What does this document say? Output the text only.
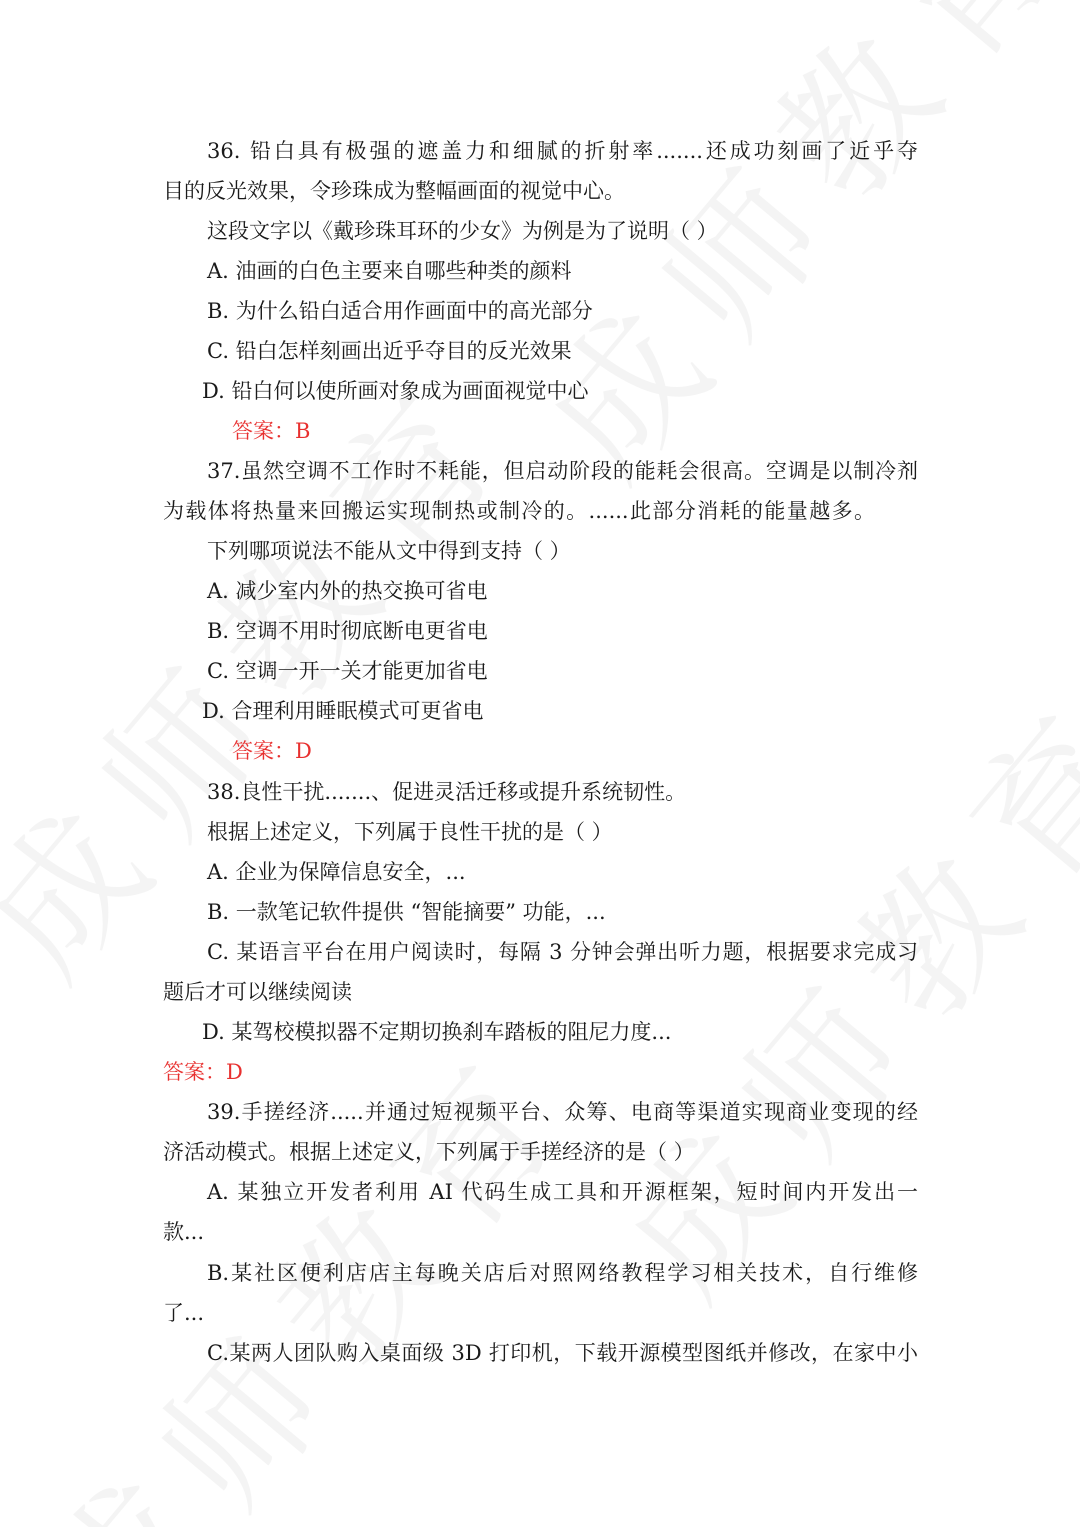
36. 铅白具有极强的遮盖力和细腻的折射率.......还成功刻画了近乎夺
目的反光效果，令珍珠成为整幅画面的视觉中心。
这段文字以《戴珍珠耳环的少女》为例是为了说明（ ）
A. 油画的白色主要来自哪些种类的颜料
B. 为什么铅白适合用作画面中的高光部分
C. 铅白怎样刻画出近乎夺目的反光效果
D. 铅白何以使所画对象成为画面视觉中心
答案：B
37.虽然空调不工作时不耗能，但启动阶段的能耗会很高。空调是以制冷剂
为载体将热量来回搬运实现制热或制冷的。......此部分消耗的能量越多。
下列哪项说法不能从文中得到支持（ ）
A. 减少室内外的热交换可省电
B. 空调不用时彻底断电更省电
C. 空调一开一关才能更加省电
D. 合理利用睡眠模式可更省电
答案：D
38.良性干扰.......、促进灵活迁移或提升系统韧性。
根据上述定义，下列属于良性干扰的是（ ）
A. 企业为保障信息安全，...
B. 一款笔记软件提供 “智能摘要” 功能，...
C. 某语言平台在用户阅读时，每隔 3 分钟会弹出听力题，根据要求完成习
题后才可以继续阅读
D. 某驾校模拟器不定期切换刹车踏板的阻尼力度...
答案：D
39.手搓经济.....并通过短视频平台、众筹、电商等渠道实现商业变现的经
济活动模式。根据上述定义，下列属于手搓经济的是（ ）
A. 某独立开发者利用 AI 代码生成工具和开源框架，短时间内开发出一
款...
B.某社区便利店店主每晚关店后对照网络教程学习相关技术，自行维修
了...
C.某两人团队购入桌面级 3D 打印机，下载开源模型图纸并修改，在家中小
